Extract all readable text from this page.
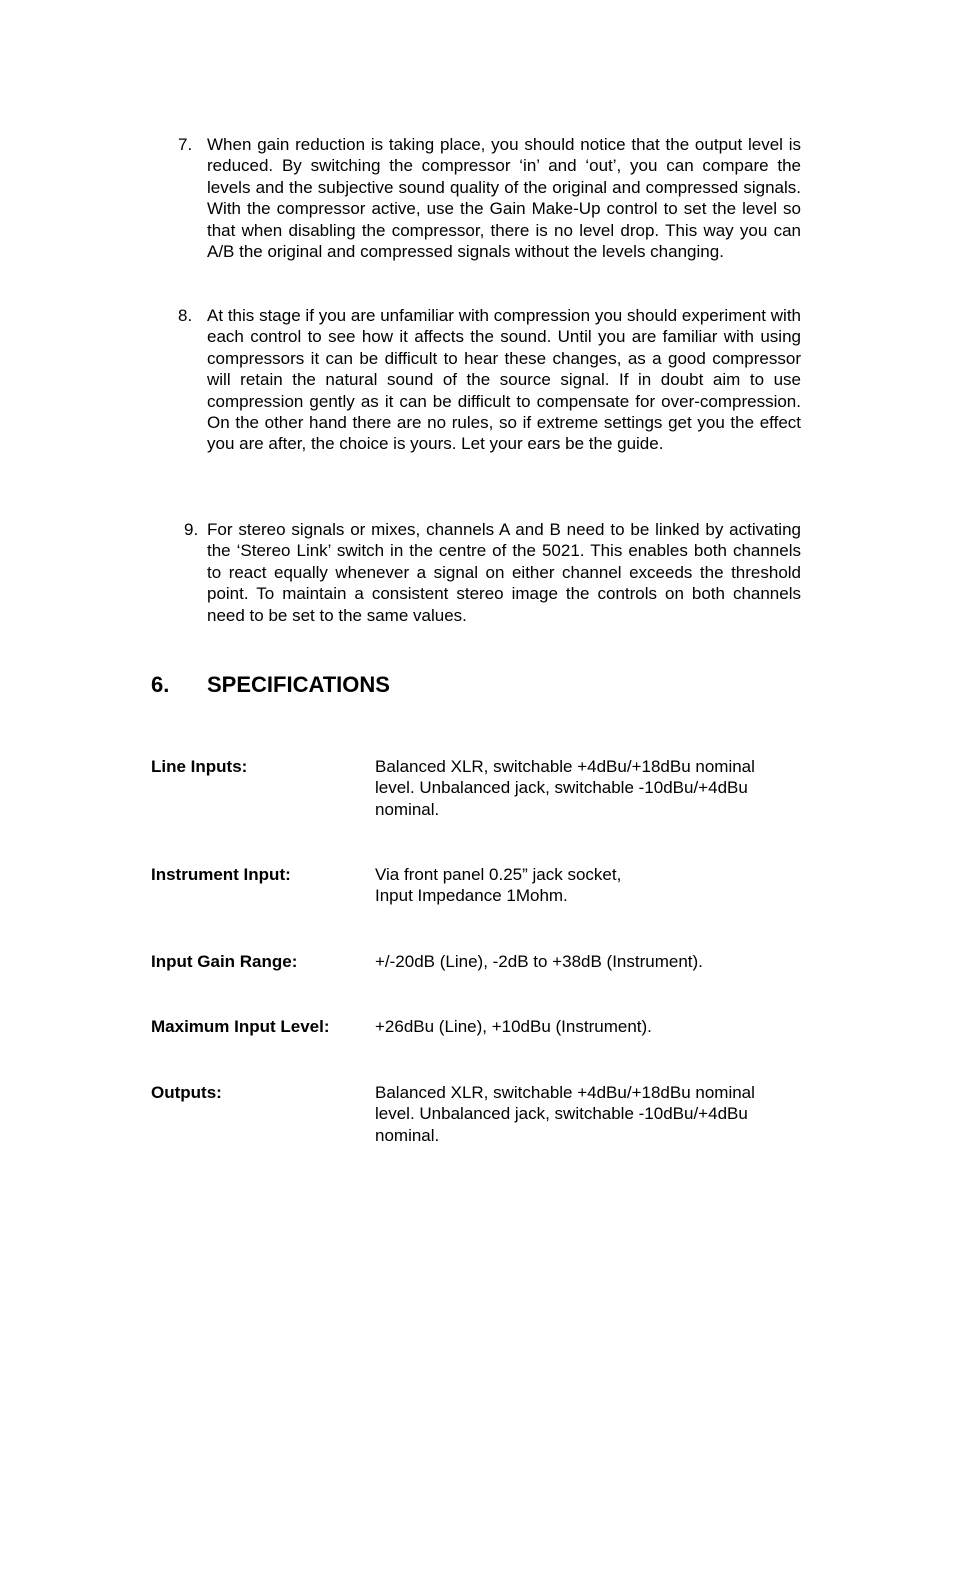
7. When gain reduction is taking place, you should notice that the output level is reduced. By switching the compressor ‘in’ and ‘out’, you can compare the levels and the subjective sound quality of the original and compressed signals. With the compressor active, use the Gain Make-Up control to set the level so that when disabling the compressor, there is no level drop. This way you can A/B the original and compressed signals without the levels changing.
8. At this stage if you are unfamiliar with compression you should experiment with each control to see how it affects the sound. Until you are familiar with using compressors it can be difficult to hear these changes, as a good compressor will retain the natural sound of the source signal. If in doubt aim to use compression gently as it can be difficult to compensate for over-compression. On the other hand there are no rules, so if extreme settings get you the effect you are after, the choice is yours. Let your ears be the guide.
9. For stereo signals or mixes, channels A and B need to be linked by activating the ‘Stereo Link’ switch in the centre of the 5021. This enables both channels to react equally whenever a signal on either channel exceeds the threshold point. To maintain a consistent stereo image the controls on both channels need to be set to the same values.
6. SPECIFICATIONS
Line Inputs:	Balanced XLR, switchable +4dBu/+18dBu nominal
level. Unbalanced jack, switchable -10dBu/+4dBu
nominal.
Instrument Input:	Via front panel 0.25” jack socket,
Input Impedance 1Mohm.
Input Gain Range:	+/-20dB (Line), -2dB to +38dB (Instrument).
Maximum Input Level:	+26dBu (Line), +10dBu (Instrument).
Outputs:	Balanced XLR, switchable +4dBu/+18dBu nominal
level. Unbalanced jack, switchable -10dBu/+4dBu
nominal.
